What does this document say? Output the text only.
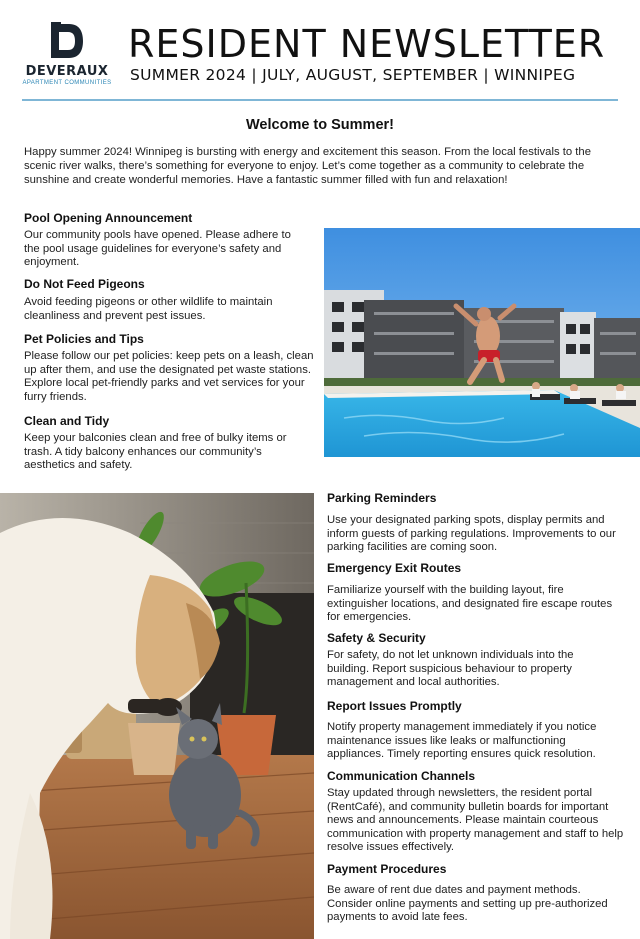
DEVERAUX
APARTMENT COMMUNITIES
RESIDENT NEWSLETTER
SUMMER 2024 | JULY, AUGUST, SEPTEMBER | WINNIPEG
Welcome to Summer!
Happy summer 2024! Winnipeg is bursting with energy and excitement this season. From the local festivals to the scenic river walks, there’s something for everyone to enjoy. Let’s come together as a community to celebrate the sunshine and create wonderful memories. Have a fantastic summer filled with fun and relaxation!
Pool Opening Announcement
Our community pools have opened. Please adhere to the pool usage guidelines for everyone’s safety and enjoyment.
Do Not Feed Pigeons
Avoid feeding pigeons or other wildlife to maintain cleanliness and prevent pest issues.
Pet Policies and Tips
Please follow our pet policies: keep pets on a leash, clean up after them, and use the designated pet waste stations. Explore local pet-friendly parks and vet services for your furry friends.
Clean and Tidy
Keep your balconies clean and free of bulky items or trash. A tidy balcony enhances our community’s aesthetics and safety.
Parking Reminders
Use your designated parking spots, display permits and inform guests of parking regulations. Improvements to our parking facilities are coming soon.
Emergency Exit Routes
Familiarize yourself with the building layout, fire extinguisher locations, and designated fire escape routes for emergencies.
Safety & Security
For safety, do not let unknown individuals into the building. Report suspicious behaviour to property management and local authorities.
Report Issues Promptly
Notify property management immediately if you notice maintenance issues like leaks or malfunctioning appliances. Timely reporting ensures quick resolution.
Communication Channels
Stay updated through newsletters, the resident portal (RentCafé), and community bulletin boards for important news and announcements. Please maintain courteous communication with property management and staff to help resolve issues effectively.
Payment Procedures
Be aware of rent due dates and payment methods. Consider online payments and setting up pre-authorized payments to avoid late fees.
